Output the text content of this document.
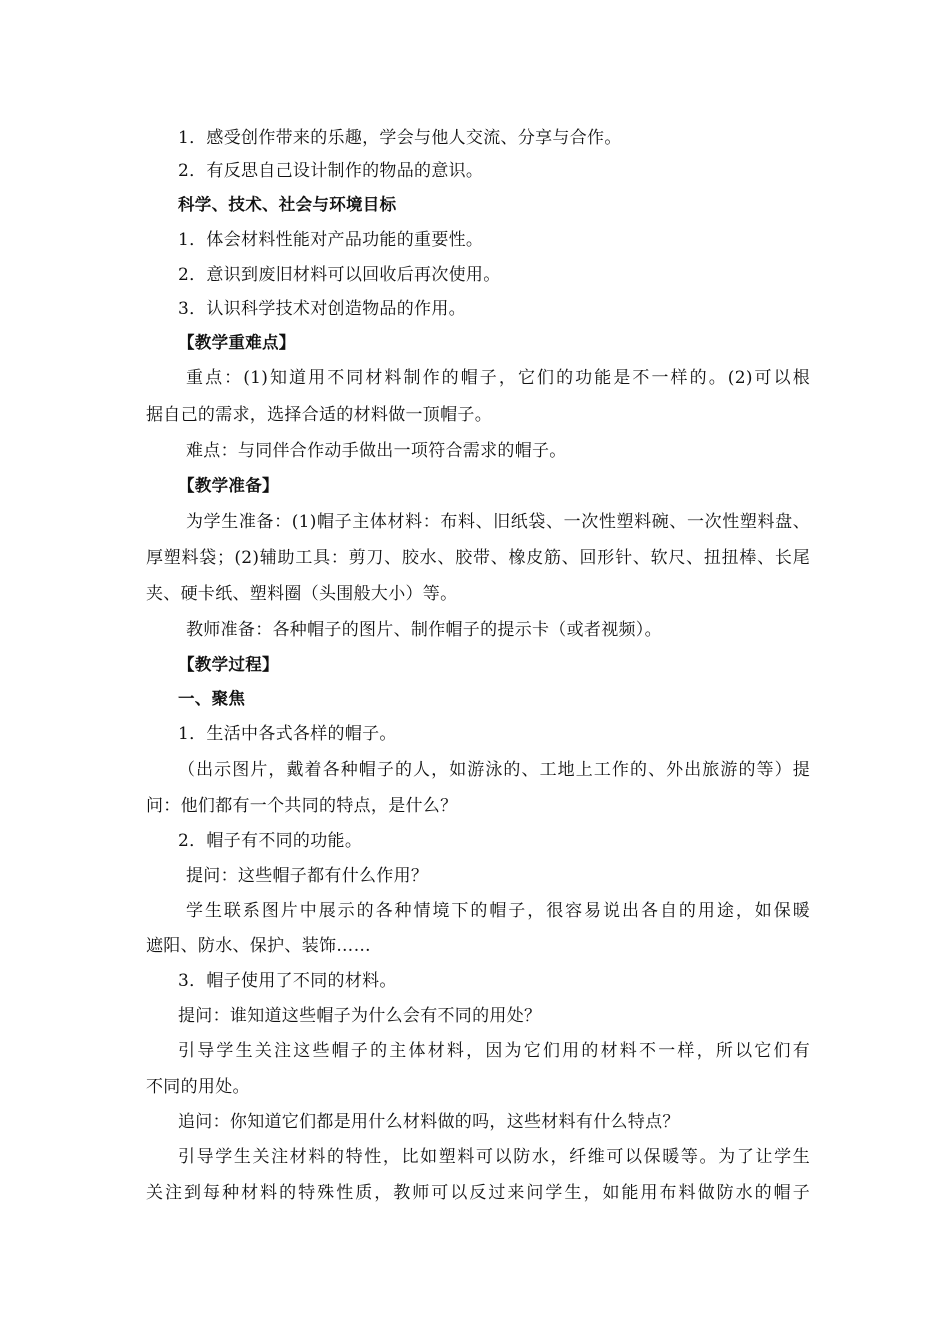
1．感受创作带来的乐趣，学会与他人交流、分享与合作。
2．有反思自己设计制作的物品的意识。
科学、技术、社会与环境目标
1．体会材料性能对产品功能的重要性。
2．意识到废旧材料可以回收后再次使用。
3．认识科学技术对创造物品的作用。
【教学重难点】
重点：(1)知道用不同材料制作的帽子，它们的功能是不一样的。(2)可以根
据自己的需求，选择合适的材料做一顶帽子。
难点：与同伴合作动手做出一项符合需求的帽子。
【教学准备】
为学生准备：(1)帽子主体材料：布料、旧纸袋、一次性塑料碗、一次性塑料盘、
厚塑料袋；(2)辅助工具：剪刀、胶水、胶带、橡皮筋、回形针、软尺、扭扭棒、长尾
夹、硬卡纸、塑料圈（头围般大小）等。
教师准备：各种帽子的图片、制作帽子的提示卡（或者视频）。
【教学过程】
一、聚焦
1．生活中各式各样的帽子。
（出示图片，戴着各种帽子的人，如游泳的、工地上工作的、外出旅游的等）提
问：他们都有一个共同的特点，是什么？
2．帽子有不同的功能。
提问：这些帽子都有什么作用？
学生联系图片中展示的各种情境下的帽子，很容易说出各自的用途，如保暖
遮阳、防水、保护、装饰……
3．帽子使用了不同的材料。
提问：谁知道这些帽子为什么会有不同的用处？
引导学生关注这些帽子的主体材料，因为它们用的材料不一样，所以它们有
不同的用处。
追问：你知道它们都是用什么材料做的吗，这些材料有什么特点？
引导学生关注材料的特性，比如塑料可以防水，纤维可以保暖等。为了让学生
关注到每种材料的特殊性质，教师可以反过来问学生，如能用布料做防水的帽子
